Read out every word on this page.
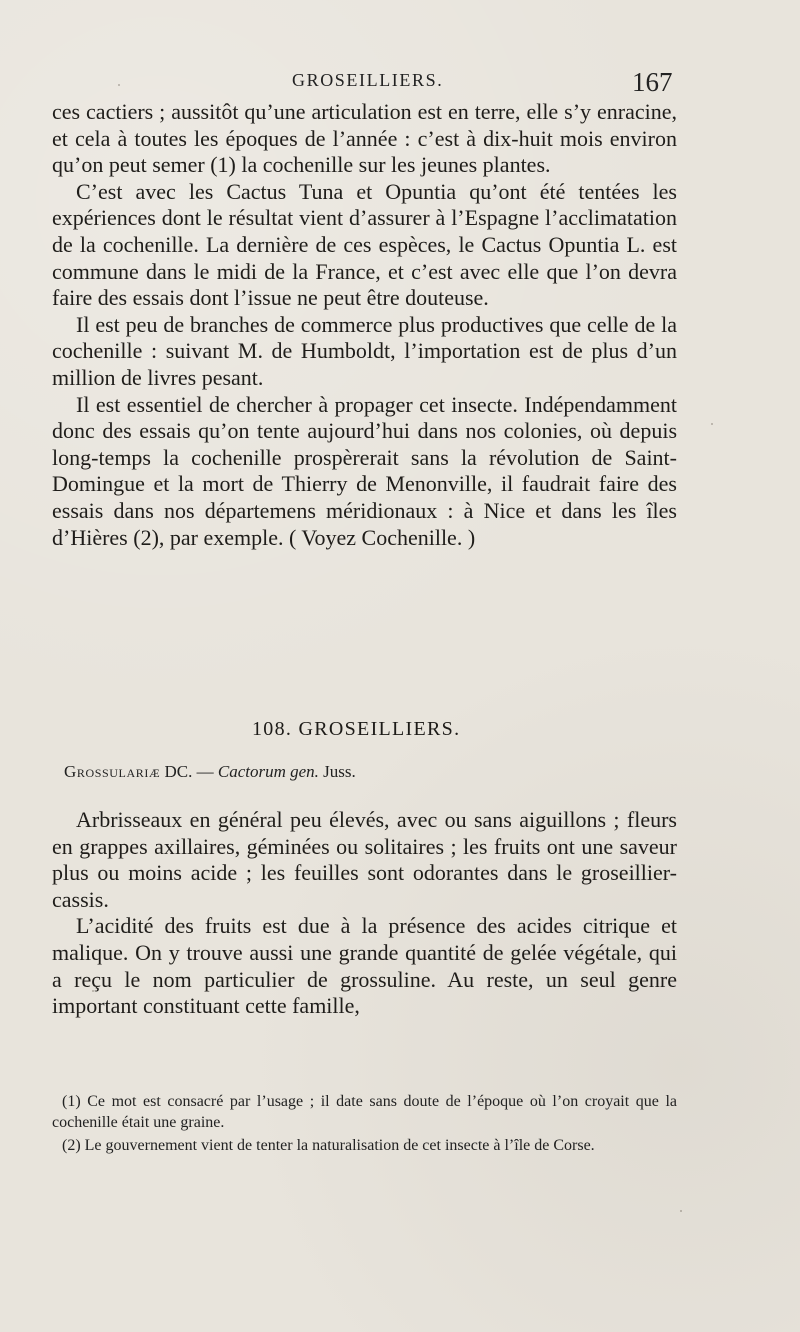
GROSEILLIERS.	167

ces cactiers ; aussitôt qu’une articulation est en terre, elle s’y enracine, et cela à toutes les époques de l’année : c’est à dix-huit mois environ qu’on peut semer (1) la cochenille sur les jeunes plantes.

C’est avec les Cactus Tuna et Opuntia qu’ont été tentées les expériences dont le résultat vient d’assurer à l’Espagne l’acclimatation de la cochenille. La dernière de ces espèces, le Cactus Opuntia L. est commune dans le midi de la France, et c’est avec elle que l’on devra faire des essais dont l’issue ne peut être douteuse.

Il est peu de branches de commerce plus productives que celle de la cochenille : suivant M. de Humboldt, l’importation est de plus d’un million de livres pesant.

Il est essentiel de chercher à propager cet insecte. Indépendamment donc des essais qu’on tente aujourd’hui dans nos colonies, où depuis long-temps la cochenille prospèrerait sans la révolution de Saint-Domingue et la mort de Thierry de Menonville, il faudrait faire des essais dans nos départemens méridionaux : à Nice et dans les îles d’Hières (2), par exemple. ( Voyez Cochenille. )

108. GROSEILLIERS.
Grossulariæ DC. — Cactorum gen. Juss.

Arbrisseaux en général peu élevés, avec ou sans aiguillons ; fleurs en grappes axillaires, géminées ou solitaires ; les fruits ont une saveur plus ou moins acide ; les feuilles sont odorantes dans le groseillier-cassis.

L’acidité des fruits est due à la présence des acides citrique et malique. On y trouve aussi une grande quantité de gelée végétale, qui a reçu le nom particulier de grossuline. Au reste, un seul genre important constituant cette famille,

(1) Ce mot est consacré par l’usage ; il date sans doute de l’époque où l’on croyait que la cochenille était une graine.

(2) Le gouvernement vient de tenter la naturalisation de cet insecte à l’île de Corse.
